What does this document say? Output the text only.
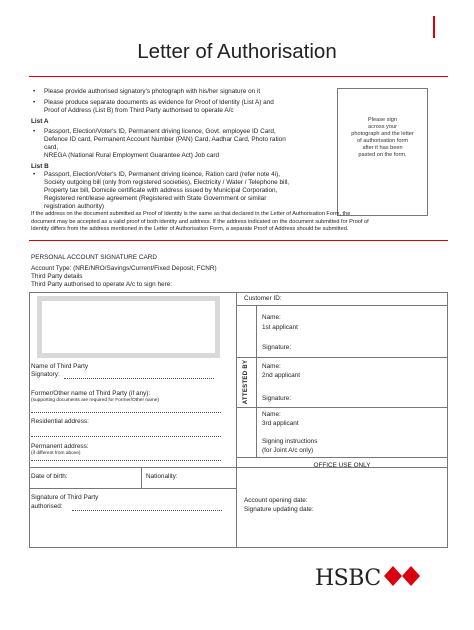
Letter of Authorisation
• Please provide authorised signatory's photograph with his/her signature on it
• Please produce separate documents as evidence for Proof of Identity (List A) and
Proof of Address (List B) from Third Party authorised to operate A/c
Please sign
across your
photograph and the letter
of authorisation form
after it has been
pasted on the form.
List A
• Passport, Election/Voter's ID, Permanent driving licence, Govt. employee ID Card,
Defence ID card, Permanent Account Number (PAN) Card, Aadhar Card, Photo ration
card,
NREGA (National Rural Employment Guarantee Act) Job card
List B
• Passport, Election/Voter's ID, Permanent driving licence, Ration card (refer note 4i),
Society outgoing bill (only from registered societies), Electricity / Water / Telephone bill,
Property tax bill, Domicile certificate with address issued by Municipal Corporation,
Registered rent/lease agreement (Registered with State Government or similar
registration authority)
If the address on the document submitted as Proof of Identity is the same as that declared in the Letter of Authorisation Form, the
document may be accepted as a valid proof of both identity and address. If the address indicated on the document submitted for Proof of
Identity differs from the address mentioned in the Letter of Authorisation Form, a separate Proof of Address should be submitted.
PERSONAL ACCOUNT SIGNATURE CARD
Account Type: (NRE/NRO/Savings/Current/Fixed Deposit, FCNR)
Third Party details
Third Party authorised to operate A/c to sign here:
Customer ID:
Name:
1st applicant
Signature:
ATTESTED BY Name:
2nd applicant
Signature:
Name:
3rd applicant
Signing instructions
(for Joint A/c only)
OFFICE USE ONLY
Account opening date:
Signature updating date:
Name of Third Party
Signatory:
Former/Other name of Third Party (if any):
(supporting documents are required for Former/Other name)
Residential address:
Permanent address:
(if different from above)
Date of birth:	Nationality:
Signature of Third Party
authorised:
HSBC
